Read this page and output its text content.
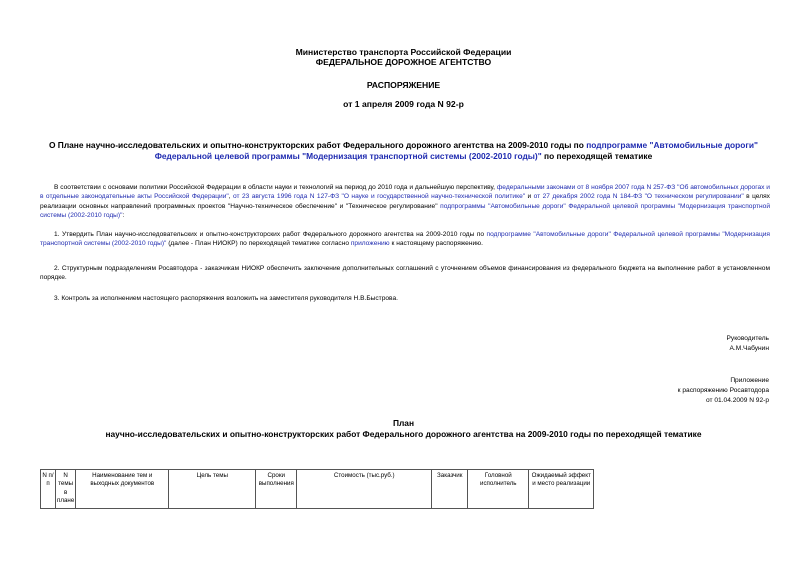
Министерство транспорта Российской Федерации
ФЕДЕРАЛЬНОЕ ДОРОЖНОЕ АГЕНТСТВО
РАСПОРЯЖЕНИЕ
от 1 апреля 2009 года N 92-р
О Плане научно-исследовательских и опытно-конструкторских работ Федерального дорожного агентства на 2009-2010 годы по подпрограмме "Автомобильные дороги" Федеральной целевой программы "Модернизация транспортной системы (2002-2010 годы)" по переходящей тематике
В соответствии с основами политики Российской Федерации в области науки и технологий на период до 2010 года и дальнейшую перспективу, федеральными законами от 8 ноября 2007 года N 257-ФЗ "Об автомобильных дорогах и в отдельные законодательные акты Российской Федерации", от 23 августа 1996 года N 127-ФЗ "О науке и государственной научно-технической политике" и от 27 декабря 2002 года N 184-ФЗ "О техническом регулировании" в целях реализации основных направлений программных проектов "Научно-техническое обеспечение" и "Техническое регулирование" подпрограммы "Автомобильные дороги" Федеральной целевой программы "Модернизация транспортной системы (2002-2010 годы)":
1. Утвердить План научно-исследовательских и опытно-конструкторских работ Федерального дорожного агентства на 2009-2010 годы по подпрограмме "Автомобильные дороги" Федеральной целевой программы "Модернизация транспортной системы (2002-2010 годы)" (далее - План НИОКР) по переходящей тематике согласно приложению к настоящему распоряжению.
2. Структурным подразделениям Росавтодора - заказчикам НИОКР обеспечить заключение дополнительных соглашений с уточнением объемов финансирования из федерального бюджета на выполнение работ в установленном порядке.
3. Контроль за исполнением настоящего распоряжения возложить на заместителя руководителя Н.В.Быстрова.
Руководитель
А.М.Чабунин
Приложение
к распоряжению Росавтодора
от 01.04.2009 N 92-р
План
научно-исследовательских и опытно-конструкторских работ Федерального дорожного агентства на 2009-2010 годы по переходящей тематике
N п/п	N темы в плане	Наименование тем и выходных документов	Цель темы	Сроки выполнения	Стоимость (тыс.руб.)	Заказчик	Головной исполнитель	Ожидаемый эффект и место реализации
